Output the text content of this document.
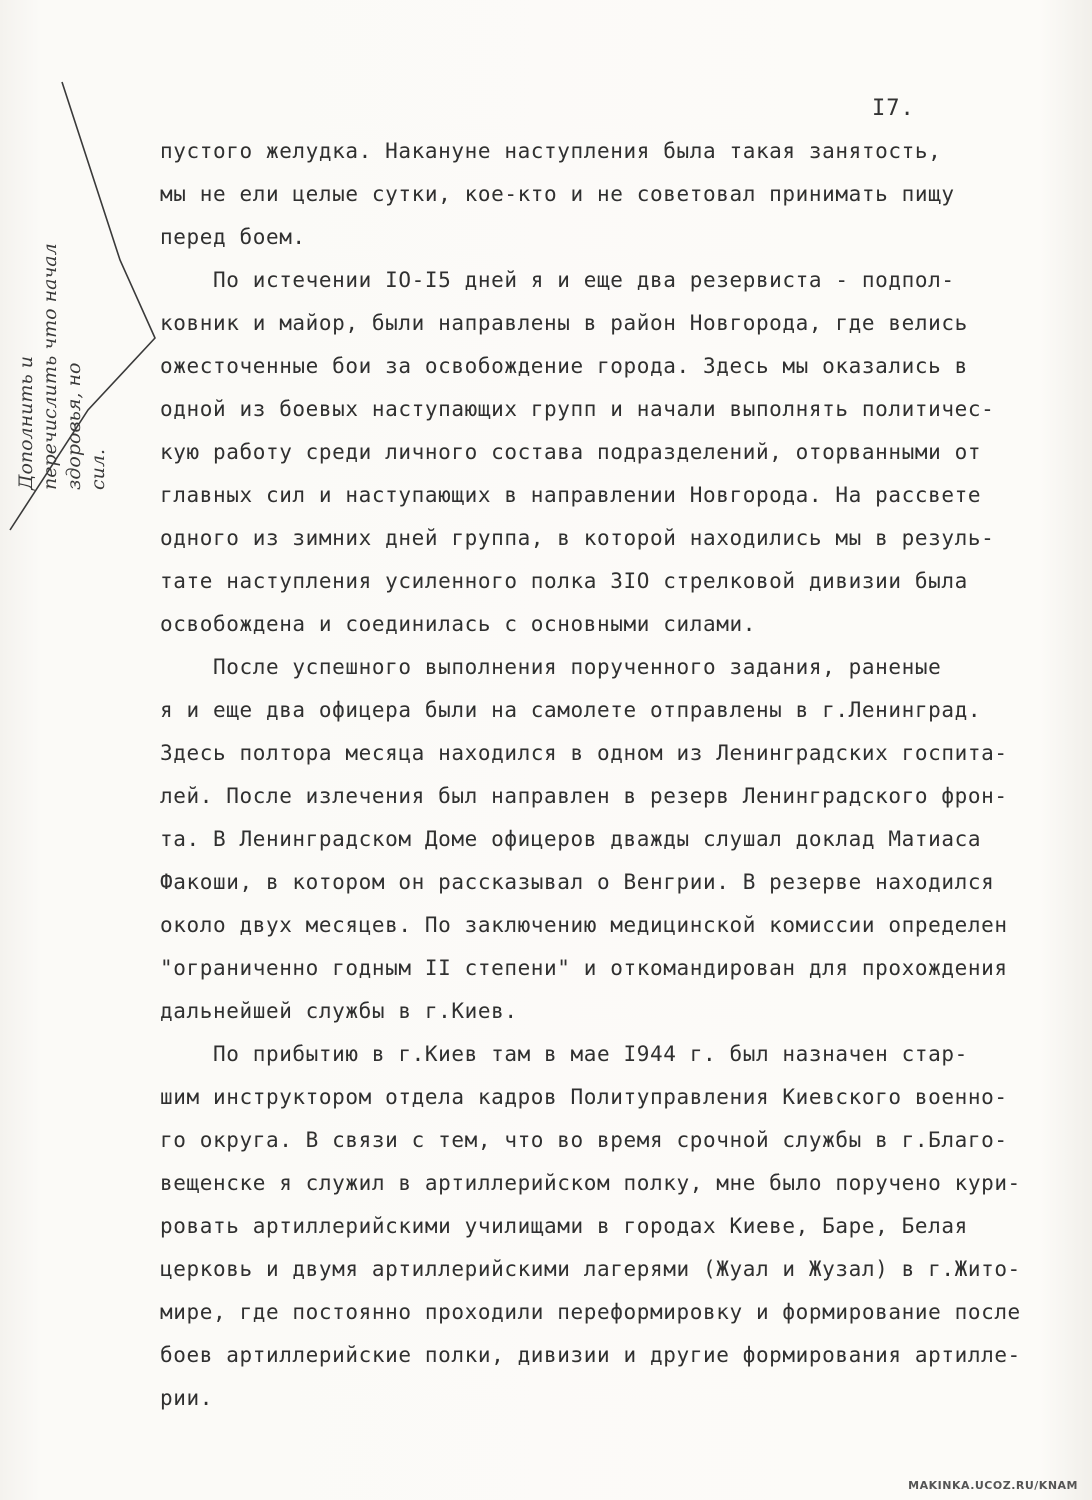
I7.
Дополнить и перечислить что начал здоровья, но сил.
пустого желудка. Накануне наступления была такая занятость,
мы не ели целые сутки, кое-кто и не советовал принимать пищу
перед боем.
По истечении IO-I5 дней я и еще два резервиста - подпол-
ковник и майор, были направлены в район Новгорода, где велись
ожесточенные бои за освобождение города. Здесь мы оказались в
одной из боевых наступающих групп и начали выполнять политичес-
кую работу среди личного состава подразделений, оторванными от
главных сил и наступающих в направлении Новгорода. На рассвете
одного из зимних дней группа, в которой находились мы в резуль-
тате наступления усиленного полка 3IO стрелковой дивизии была
освобождена и соединилась с основными силами.
После успешного выполнения порученного задания, раненые
я и еще два офицера были на самолете отправлены в г.Ленинград.
Здесь полтора месяца находился в одном из Ленинградских госпита-
лей. После излечения был направлен в резерв Ленинградского фрон-
та. В Ленинградском Доме офицеров дважды слушал доклад Матиаса
Факоши, в котором он рассказывал о Венгрии. В резерве находился
около двух месяцев. По заключению медицинской комиссии определен
"ограниченно годным II степени" и откомандирован для прохождения
дальнейшей службы в г.Киев.
По прибытию в г.Киев там в мае I944 г. был назначен стар-
шим инструктором отдела кадров Политуправления Киевского военно-
го округа. В связи с тем, что во время срочной службы в г.Благо-
вещенске я служил в артиллерийском полку, мне было поручено кури-
ровать артиллерийскими училищами в городах Киеве, Баре, Белая
церковь и двумя артиллерийскими лагерями (Жуал и Жузал) в г.Жито-
мире, где постоянно проходили переформировку и формирование после
боев артиллерийские полки, дивизии и другие формирования артилле-
рии.
MAKINKA.UCOZ.RU/KNAM
